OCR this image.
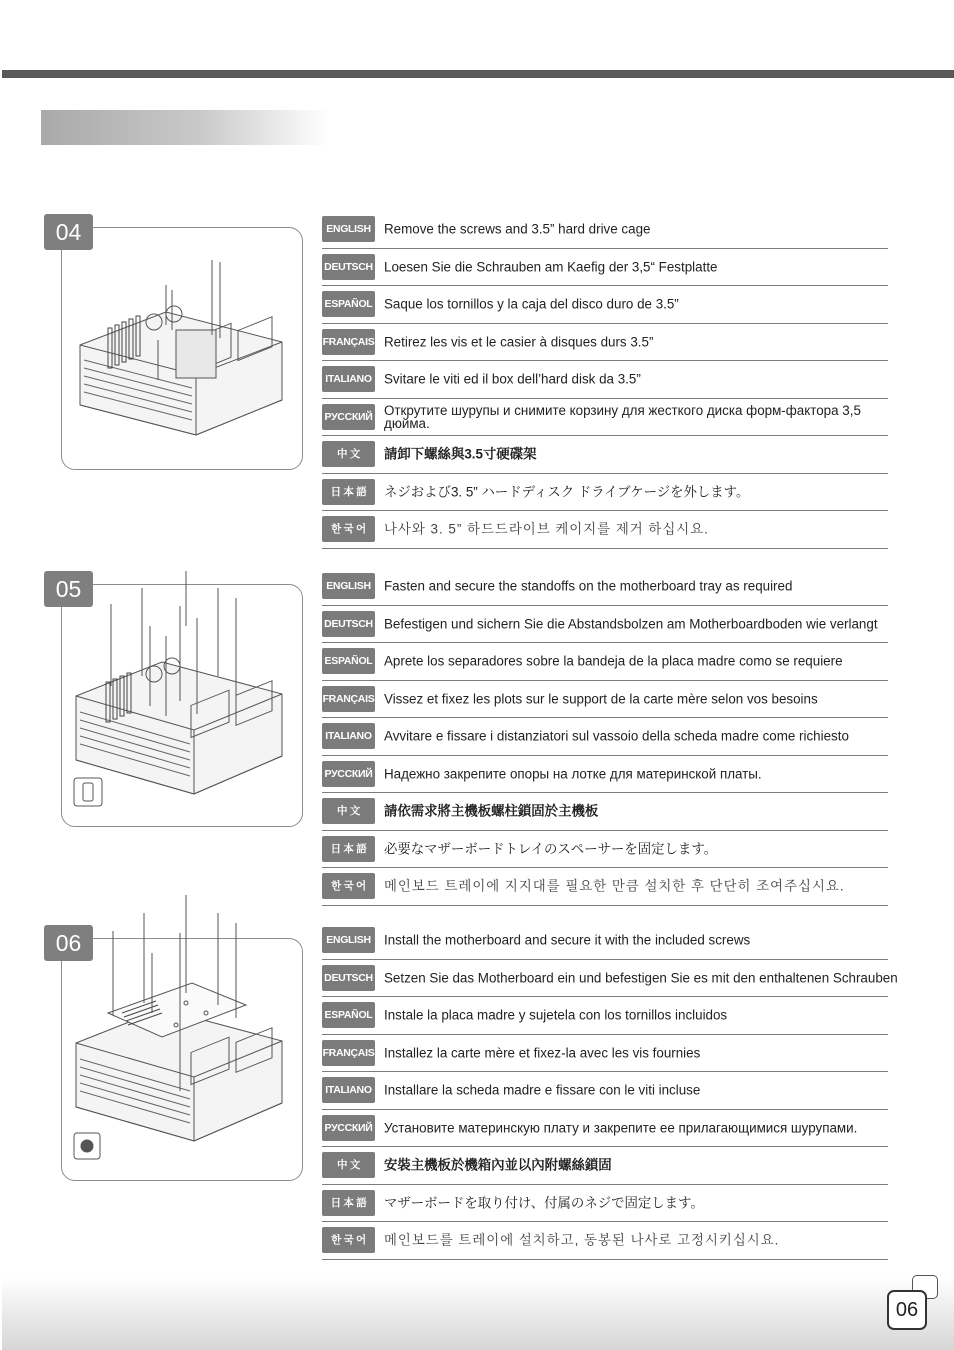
04	ENGLISH Remove the screws and 3.5” hard drive cage
DEUTSCH Loesen Sie die Schrauben am Kaefig der 3,5“ Festplatte
ESPAÑOL Saque los tornillos y la caja del disco duro de 3.5”
FRANÇAIS Retirez les vis et le casier à disques durs 3.5”
ITALIANO Svitare le viti ed il box dell’hard disk da 3.5”
РУССКИЙ Открутите шурупы и снимите корзину для жесткого диска форм-фактора 3,5 дюйма.
中 文	請卸下螺絲與3.5寸硬碟架
日 本 語	ネジおよび3. 5” ハードディスク ドライブケージを外します。
한 국 어	나사와 3. 5” 하드드라이브 케이지를 제거 하십시요.
05	ENGLISH Fasten and secure the standoffs on the motherboard tray as required
DEUTSCH Befestigen und sichern Sie die Abstandsbolzen am Motherboardboden wie verlangt
ESPAÑOL Aprete los separadores sobre la bandeja de la placa madre como se requiere
FRANÇAIS Vissez et fixez les plots sur le support de la carte mère selon vos besoins
ITALIANO Avvitare e fissare i distanziatori sul vassoio della scheda madre come richiesto
РУССКИЙ Надежно закрепите опоры на лотке для материнской платы.
中 文	請依需求將主機板螺柱鎖固於主機板
日 本 語	必要なマザーボードトレイのスペーサーを固定します。
한 국 어	메인보드 트레이에 지지대를 필요한 만큼 설치한 후 단단히 조여주십시요.
06	ENGLISH Install the motherboard and secure it with the included screws
DEUTSCH Setzen Sie das Motherboard ein und befestigen Sie es mit den enthaltenen Schrauben
ESPAÑOL Instale la placa madre y sujetela con los tornillos incluidos
FRANÇAIS Installez la carte mère et fixez-la avec les vis fournies
ITALIANO Installare la scheda madre e fissare con le viti incluse
РУССКИЙ Установите материнскую плату и закрепите ее прилагающимися шурупами.
中 文	安裝主機板於機箱內並以內附螺絲鎖固
日 本 語	マザーボードを取り付け、付属のネジで固定します。
한 국 어	메인보드를 트레이에 설치하고, 동봉된 나사로 고정시키십시요.
06
